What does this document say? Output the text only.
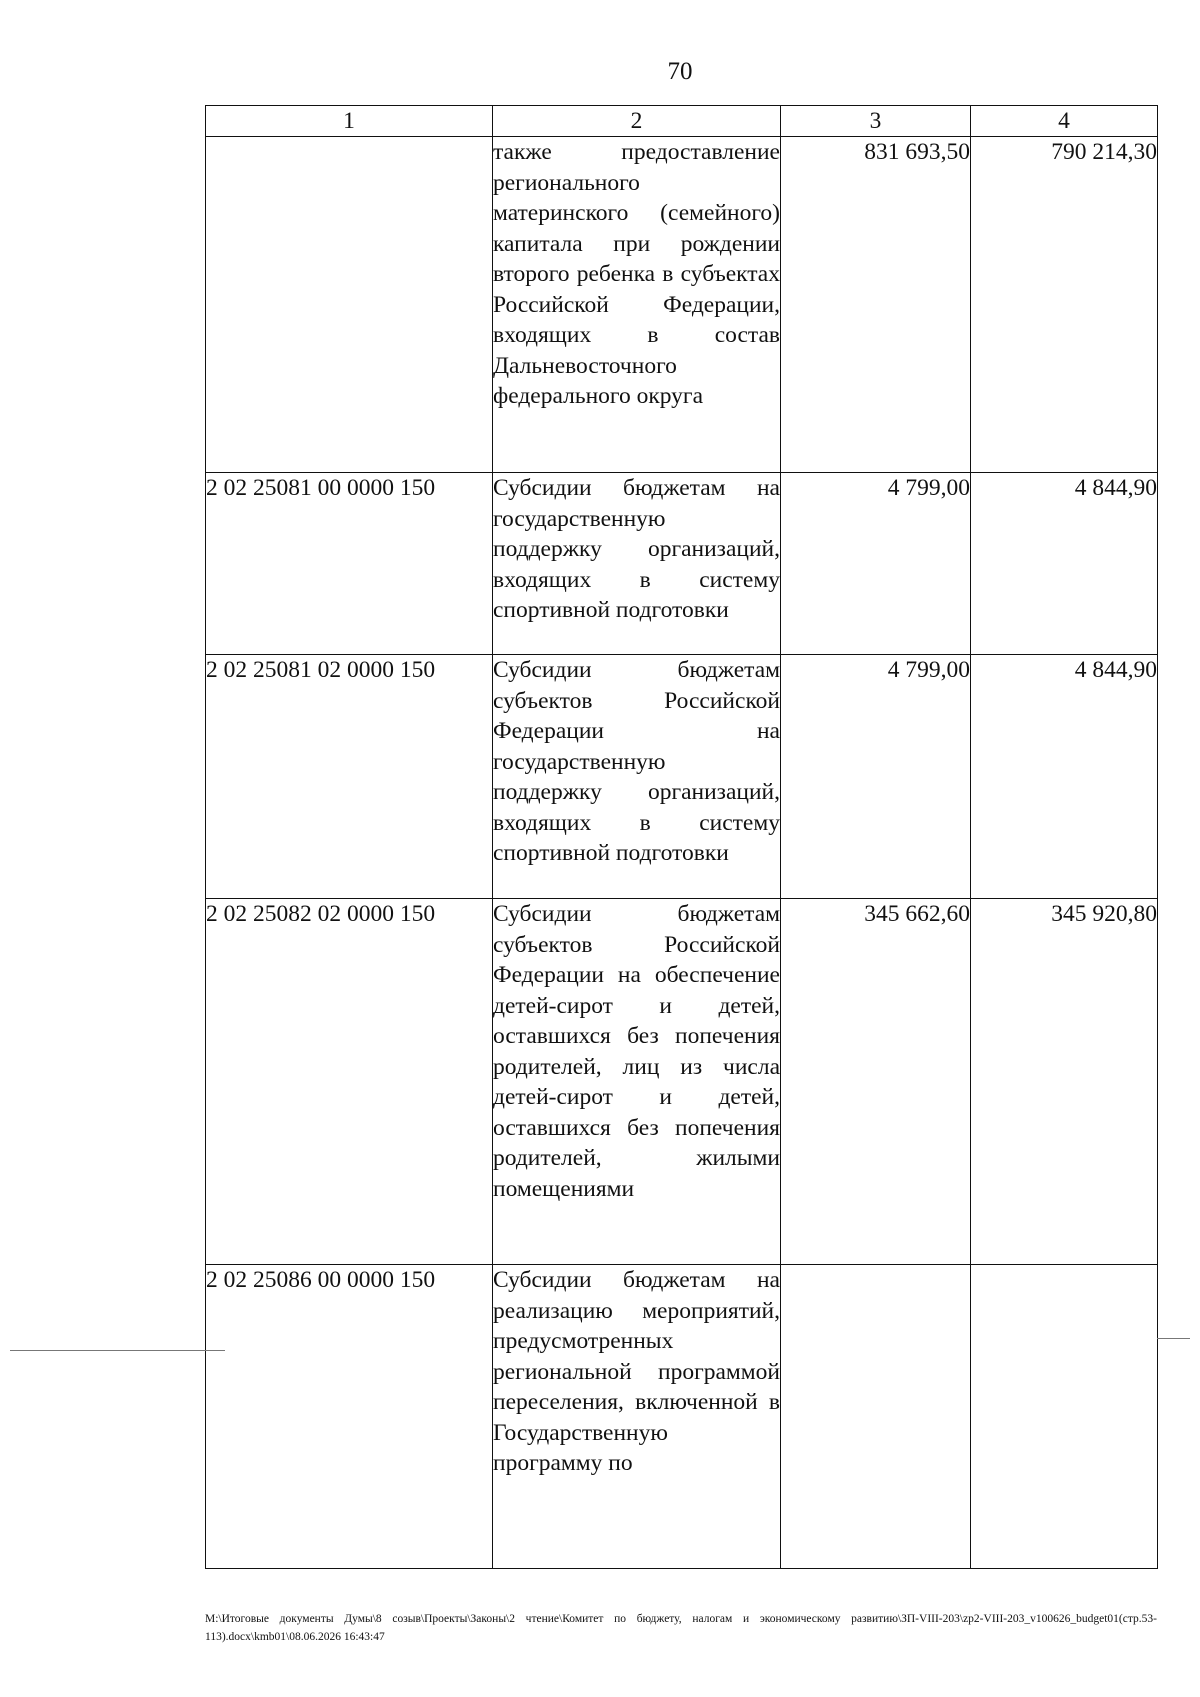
70
1	2	3	4
	также предоставление регионального материнского (семейного) капитала при рождении второго ребенка в субъектах Российской Федерации, входящих в состав Дальневосточного федерального округа	831 693,50	790 214,30
2 02 25081 00 0000 150	Субсидии бюджетам на государственную поддержку организаций, входящих в систему спортивной подготовки	4 799,00	4 844,90
2 02 25081 02 0000 150	Субсидии бюджетам субъектов Российской Федерации на государственную поддержку организаций, входящих в систему спортивной подготовки	4 799,00	4 844,90
2 02 25082 02 0000 150	Субсидии бюджетам субъектов Российской Федерации на обеспечение детей-сирот и детей, оставшихся без попечения родителей, лиц из числа детей-сирот и детей, оставшихся без попечения родителей, жилыми помещениями	345 662,60	345 920,80
2 02 25086 00 0000 150	Субсидии бюджетам на реализацию мероприятий, предусмотренных региональной программой переселения, включенной в Государственную программу по		
M:\Итоговые документы Думы\8 созыв\Проекты\Законы\2 чтение\Комитет по бюджету, налогам и экономическому развитию\ЗП-VIII-203\zp2-VIII-203_v100626_budget01(стр.53-113).docx\kmb01\08.06.2026 16:43:47
